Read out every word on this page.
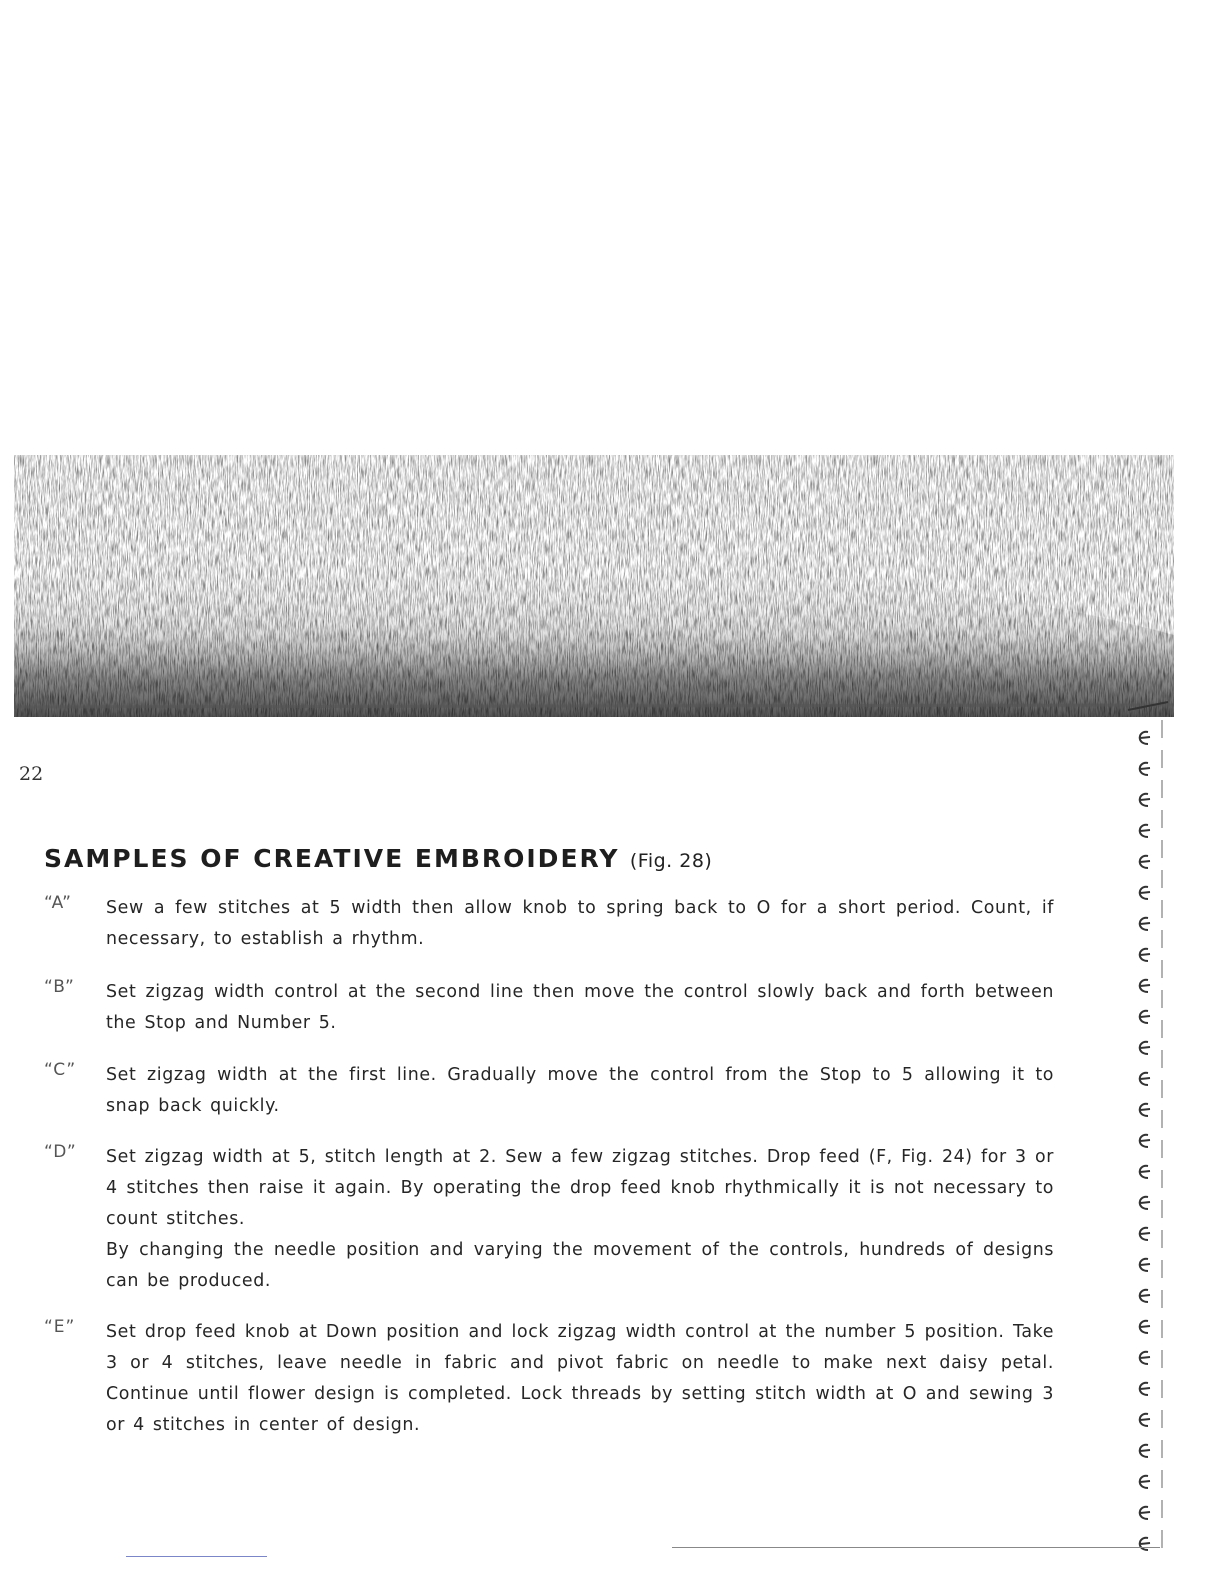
22
SAMPLES OF CREATIVE EMBROIDERY (Fig. 28)
“A”	Sew a few stitches at 5 width then allow knob to spring back to O for a short period. Count, if necessary, to establish a rhythm.

“B”	Set zigzag width control at the second line then move the control slowly back and forth between the Stop and Number 5.

“C”	Set zigzag width at the first line. Gradually move the control from the Stop to 5 allowing it to snap back quickly.

“D”	Set zigzag width at 5, stitch length at 2. Sew a few zigzag stitches. Drop feed (F, Fig. 24) for 3 or 4 stitches then raise it again. By operating the drop feed knob rhythmically it is not necessary to count stitches.

By changing the needle position and varying the movement of the controls, hundreds of designs can be produced.

“E”	Set drop feed knob at Down position and lock zigzag width control at the number 5 position. Take 3 or 4 stitches, leave needle in fabric and pivot fabric on needle to make next daisy petal. Continue until flower design is completed. Lock threads by setting stitch width at O and sewing 3 or 4 stitches in center of design.
